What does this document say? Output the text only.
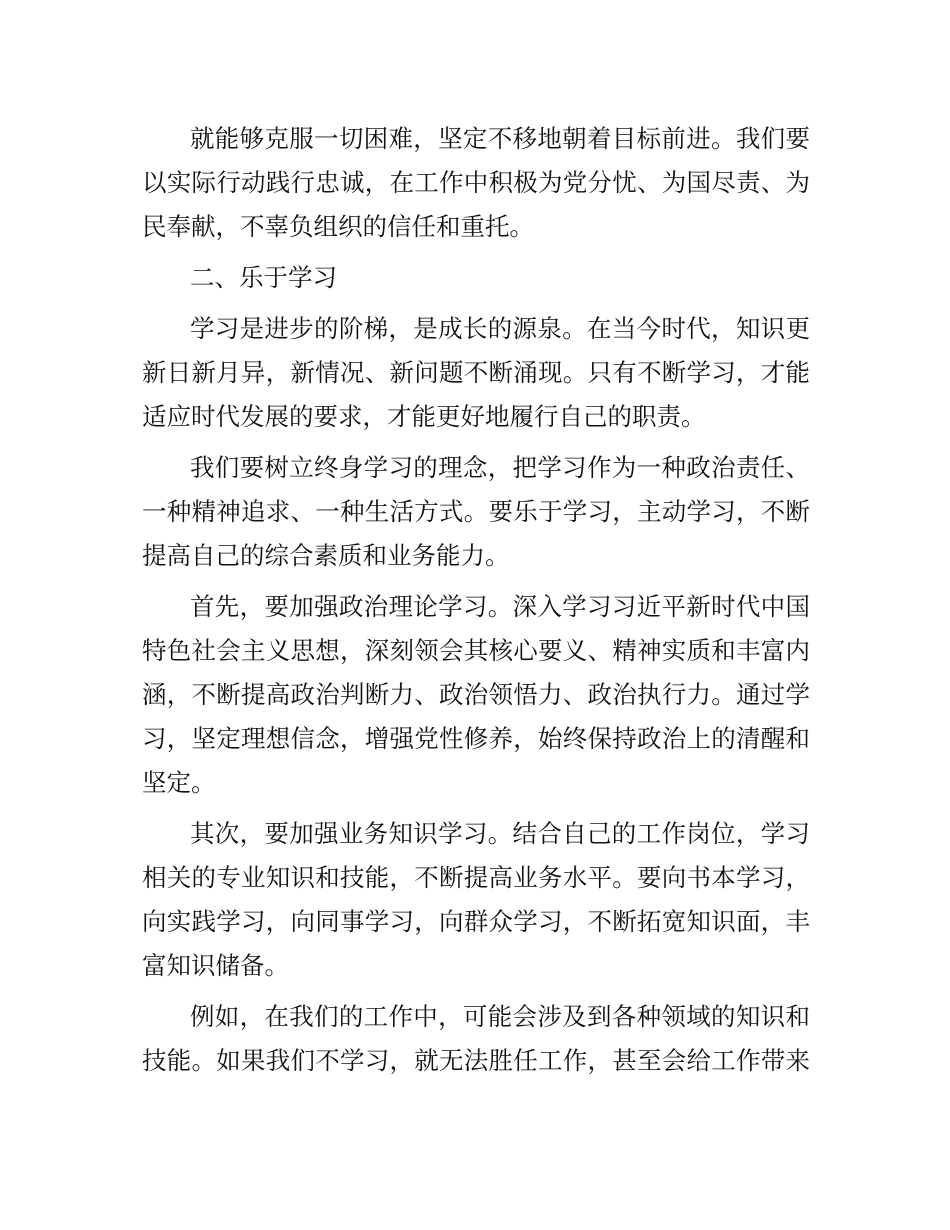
就能够克服一切困难，坚定不移地朝着目标前进。我们要
以实际行动践行忠诚，在工作中积极为党分忧、为国尽责、为
民奉献，不辜负组织的信任和重托。
二、乐于学习
学习是进步的阶梯，是成长的源泉。在当今时代，知识更
新日新月异，新情况、新问题不断涌现。只有不断学习，才能
适应时代发展的要求，才能更好地履行自己的职责。
我们要树立终身学习的理念，把学习作为一种政治责任、
一种精神追求、一种生活方式。要乐于学习，主动学习，不断
提高自己的综合素质和业务能力。
首先，要加强政治理论学习。深入学习习近平新时代中国
特色社会主义思想，深刻领会其核心要义、精神实质和丰富内
涵，不断提高政治判断力、政治领悟力、政治执行力。通过学
习，坚定理想信念，增强党性修养，始终保持政治上的清醒和
坚定。
其次，要加强业务知识学习。结合自己的工作岗位，学习
相关的专业知识和技能，不断提高业务水平。要向书本学习，
向实践学习，向同事学习，向群众学习，不断拓宽知识面，丰
富知识储备。
例如，在我们的工作中，可能会涉及到各种领域的知识和
技能。如果我们不学习，就无法胜任工作，甚至会给工作带来
